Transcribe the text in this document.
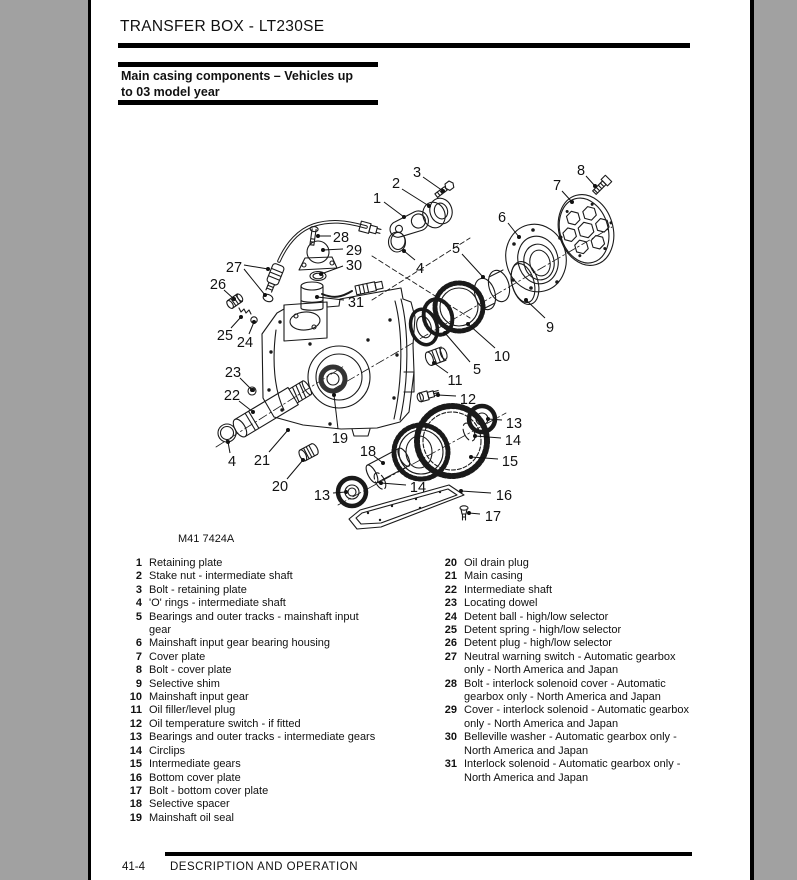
TRANSFER BOX - LT230SE
Main casing components – Vehicles up
to 03 model year
1
2
3
4
5
6
7
8
9
10
5
11
12
13
14
15
16
17
14
13
18
19
20
21
4
22
23
24
25
26
27
28
29
30
31
M41 7424A
1 Retaining plate
2 Stake nut - intermediate shaft
3 Bolt - retaining plate
4 'O' rings - intermediate shaft
5 Bearings and outer tracks - mainshaft input
gear
6 Mainshaft input gear bearing housing
7 Cover plate
8 Bolt - cover plate
9 Selective shim
10 Mainshaft input gear
11 Oil filler/level plug
12 Oil temperature switch - if fitted
13 Bearings and outer tracks - intermediate gears
14 Circlips
15 Intermediate gears
16 Bottom cover plate
17 Bolt - bottom cover plate
18 Selective spacer
19 Mainshaft oil seal
20 Oil drain plug
21 Main casing
22 Intermediate shaft
23 Locating dowel
24 Detent ball - high/low selector
25 Detent spring - high/low selector
26 Detent plug - high/low selector
27 Neutral warning switch - Automatic gearbox
only - North America and Japan
28 Bolt - interlock solenoid cover - Automatic
gearbox only - North America and Japan
29 Cover - interlock solenoid - Automatic gearbox
only - North America and Japan
30 Belleville washer - Automatic gearbox only -
North America and Japan
31 Interlock solenoid - Automatic gearbox only -
North America and Japan
41-4 DESCRIPTION AND OPERATION
